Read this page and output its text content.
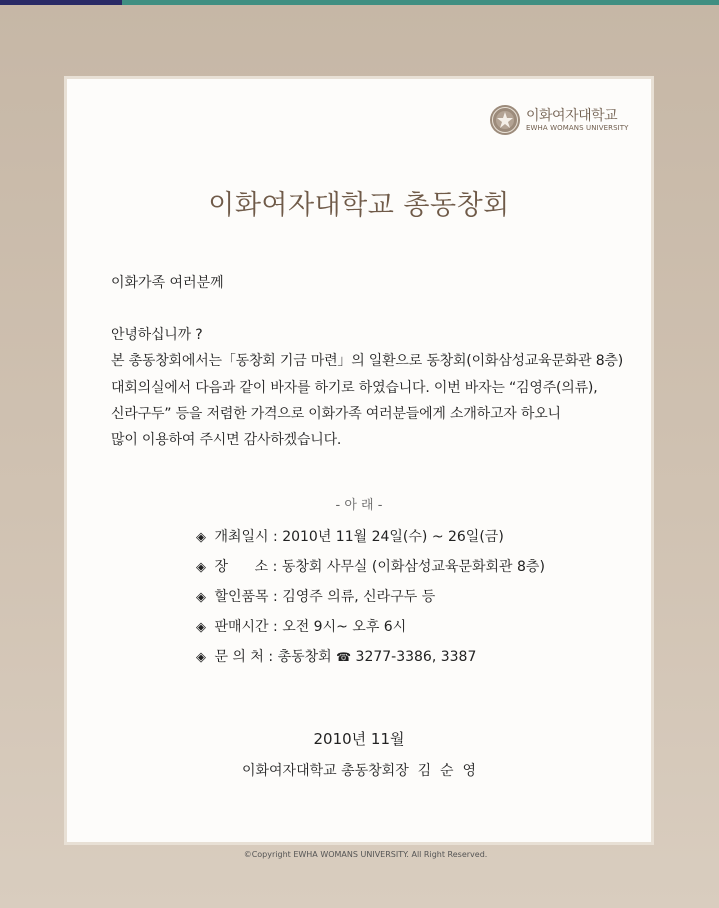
이화여자대학교
EWHA WOMANS UNIVERSITY
이화여자대학교 총동창회
이화가족 여러분께
안녕하십니까 ?
본 총동창회에서는「동창회 기금 마련」의 일환으로 동창회(이화삼성교육문화관 8층)
대회의실에서 다음과 같이 바자를 하기로 하였습니다. 이번 바자는 “김영주(의류),
신라구두” 등을 저렴한 가격으로 이화가족 여러분들에게 소개하고자 하오니
많이 이용하여 주시면 감사하겠습니다.
- 아 래 -
◈ 개최일시 : 2010년 11월 24일(수) ~ 26일(금)
◈ 장      소 : 동창회 사무실 (이화삼성교육문화회관 8층)
◈ 할인품목 : 김영주 의류, 신라구두 등
◈ 판매시간 : 오전 9시~ 오후 6시
◈ 문 의 처 : 총동창회 ☎ 3277-3386, 3387
2010년 11월
이화여자대학교 총동창회장  김  순  영
©Copyright EWHA WOMANS UNIVERSITY. All Right Reserved.
